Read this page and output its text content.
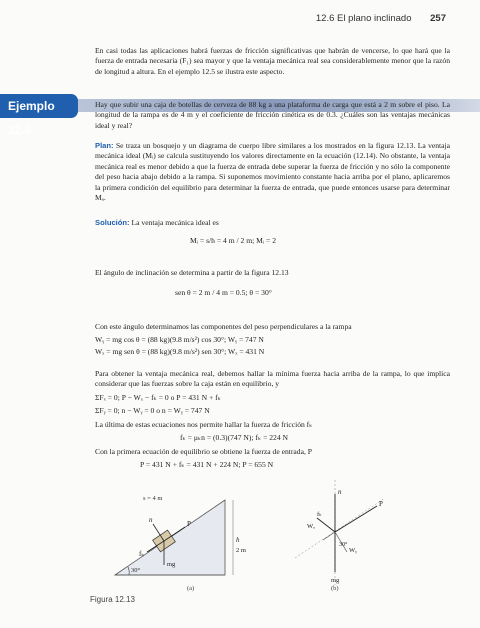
12.6 El plano inclinado 257
En casi todas las aplicaciones habrá fuerzas de fricción significativas que habrán de vencerse, lo que hará que la fuerza de entrada necesaria (F₁) sea mayor y que la ventaja mecánica real sea considerablemente menor que la razón de longitud a altura. En el ejemplo 12.5 se ilustra este aspecto.
Ejemplo 12.5
Hay que subir una caja de botellas de cerveza de 88 kg a una plataforma de carga que está a 2 m sobre el piso. La longitud de la rampa es de 4 m y el coeficiente de fricción cinética es de 0.3. ¿Cuáles son las ventajas mecánicas ideal y real?
Plan: Se traza un bosquejo y un diagrama de cuerpo libre similares a los mostrados en la figura 12.13. La ventaja mecánica ideal (Mᵢ) se calcula sustituyendo los valores directamente en la ecuación (12.14). No obstante, la ventaja mecánica real es menor debido a que la fuerza de entrada debe superar la fuerza de fricción y no sólo la componente del peso hacia abajo debido a la rampa. Si suponemos movimiento constante hacia arriba por el plano, aplicaremos la primera condición del equilibrio para determinar la fuerza de entrada, que puede entonces usarse para determinar Mₐ.
Solución: La ventaja mecánica ideal es
Mᵢ = s/h = 4 m / 2 m; Mᵢ = 2
El ángulo de inclinación se determina a partir de la figura 12.13
sen θ = 2 m / 4 m = 0.5; θ = 30°
Con este ángulo determinamos las componentes del peso perpendiculares a la rampa
Wᵧ = mg cos θ = (88 kg)(9.8 m/s²) cos 30°; Wᵧ = 747 N
Wₓ = mg sen θ = (88 kg)(9.8 m/s²) sen 30°; Wₓ = 431 N
Para obtener la ventaja mecánica real, debemos hallar la mínima fuerza hacia arriba de la rampa, lo que implica considerar que las fuerzas sobre la caja están en equilibrio, y
ΣFₓ = 0; P − Wₓ − fₖ = 0 o P = 431 N + fₖ
ΣFᵧ = 0; n − Wᵧ = 0 o n = Wᵧ = 747 N
La última de estas ecuaciones nos permite hallar la fuerza de fricción fₖ
fₖ = μₖn = (0.3)(747 N); fₖ = 224 N
Con la primera ecuación de equilibrio se obtiene la fuerza de entrada, P
P = 431 N + fₖ = 431 N + 224 N; P = 655 N
s = 4 m
n	P
fₖ
mg
30°
h
2 m
n
P
Wₓ
fₖ
Wᵧ
30°
mg
(a)	(b)
Figura 12.13
